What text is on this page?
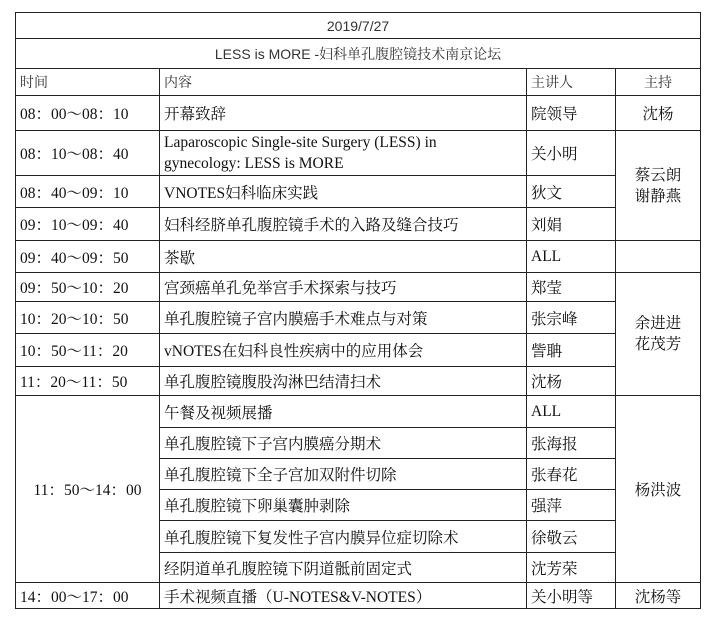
2019/7/27			
LESS is MORE -妇科单孔腹腔镜技术南京论坛			
时间	内容	主讲人	主持
08：00～08：10	开幕致辞	院领导	沈杨
08：10～08：40	Laparoscopic Single-site Surgery (LESS) in
gynecology: LESS is MORE	关小明	蔡云朗
谢静燕

08：40～09：10	VNOTES妇科临床实践	狄文	
09：10～09：40	妇科经脐单孔腹腔镜手术的入路及缝合技巧	刘娟	
09：40～09：50	茶歇	ALL	
09：50～10：20	宫颈癌单孔免举宫手术探索与技巧	郑莹	余进进
花茂芳

10：20～10：50	单孔腹腔镜子宫内膜癌手术难点与对策	张宗峰	
10：50～11：20	vNOTES在妇科良性疾病中的应用体会	訾聃	
11：20～11：50	单孔腹腔镜腹股沟淋巴结清扫术	沈杨	
11：50～14：00	午餐及视频展播	ALL	杨洪波
	单孔腹腔镜下子宫内膜癌分期术	张海报	
	单孔腹腔镜下全子宫加双附件切除	张春花	
	单孔腹腔镜下卵巢囊肿剥除	强萍	
	单孔腹腔镜下复发性子宫内膜异位症切除术	徐敬云	
	经阴道单孔腹腔镜下阴道骶前固定式	沈芳荣	
14：00～17：00	手术视频直播（U-NOTES&V-NOTES）	关小明等	沈杨等
